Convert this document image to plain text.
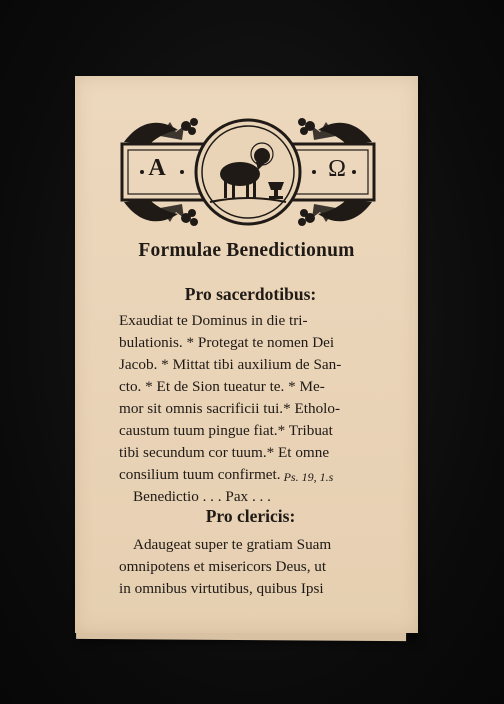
A	Ω
Formulae Benedictionum
Pro sacerdotibus:
Exaudiat te Dominus in die tri-
bulationis. * Protegat te nomen Dei
Jacob. * Mittat tibi auxilium de San-
cto. * Et de Sion tueatur te. * Me-
mor sit omnis sacrificii tui.* Etholo-
caustum tuum pingue fiat.* Tribuat
tibi secundum cor tuum.* Et omne
consilium tuum confirmet. Ps. 19, 1.s
Benedictio . . . Pax . . .
Pro clericis:
Adaugeat super te gratiam Suam
omnipotens et misericors Deus, ut
in omnibus virtutibus, quibus Ipsi
